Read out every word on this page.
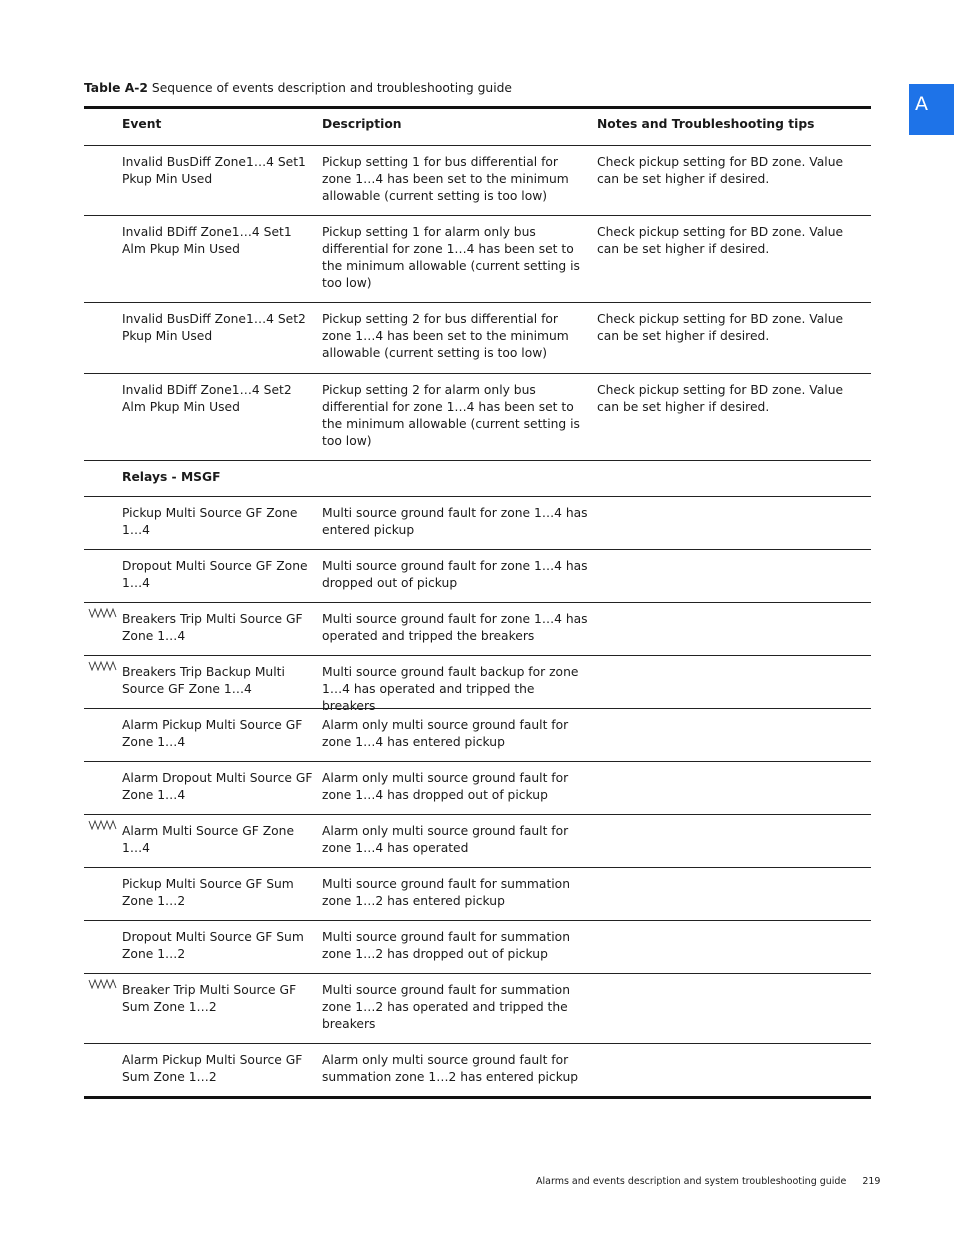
Table A-2 Sequence of events description and troubleshooting guide
A
Event	Description	Notes and Troubleshooting tips
Invalid BusDiff Zone1…4 Set1 Pkup Min Used
Pickup setting 1 for bus differential for zone 1…4 has been set to the minimum allowable (current setting is too low)
Check pickup setting for BD zone. Value can be set higher if desired.
Invalid BDiff Zone1…4 Set1 Alm Pkup Min Used
Pickup setting 1 for alarm only bus differential for zone 1…4 has been set to the minimum allowable (current setting is too low)
Check pickup setting for BD zone. Value can be set higher if desired.
Invalid BusDiff Zone1…4 Set2 Pkup Min Used
Pickup setting 2 for bus differential for zone 1…4 has been set to the minimum allowable (current setting is too low)
Check pickup setting for BD zone. Value can be set higher if desired.
Invalid BDiff Zone1…4 Set2 Alm Pkup Min Used
Pickup setting 2 for alarm only bus differential for zone 1…4 has been set to the minimum allowable (current setting is too low)
Check pickup setting for BD zone. Value can be set higher if desired.
Relays - MSGF
Pickup Multi Source GF Zone 1…4
Multi source ground fault for zone 1…4 has entered pickup
Dropout Multi Source GF Zone 1…4
Multi source ground fault for zone 1…4 has dropped out of pickup
Breakers Trip Multi Source GF Zone 1…4
Multi source ground fault for zone 1…4 has operated and tripped the breakers
Breakers Trip Backup Multi Source GF Zone 1…4
Multi source ground fault backup for zone 1…4 has operated and tripped the breakers
Alarm Pickup Multi Source GF Zone 1…4
Alarm only multi source ground fault for zone 1…4 has entered pickup
Alarm Dropout Multi Source GF Zone 1…4
Alarm only multi source ground fault for zone 1…4 has dropped out of pickup
Alarm Multi Source GF Zone 1…4
Alarm only multi source ground fault for zone 1…4 has operated
Pickup Multi Source GF Sum Zone 1…2
Multi source ground fault for summation zone 1…2 has entered pickup
Dropout Multi Source GF Sum Zone 1…2
Multi source ground fault for summation zone 1…2 has dropped out of pickup
Breaker Trip Multi Source GF Sum Zone 1…2
Multi source ground fault for summation zone 1…2 has operated and tripped the breakers
Alarm Pickup Multi Source GF Sum Zone 1…2
Alarm only multi source ground fault for summation zone 1…2 has entered pickup
Alarms and events description and system troubleshooting guide 219
